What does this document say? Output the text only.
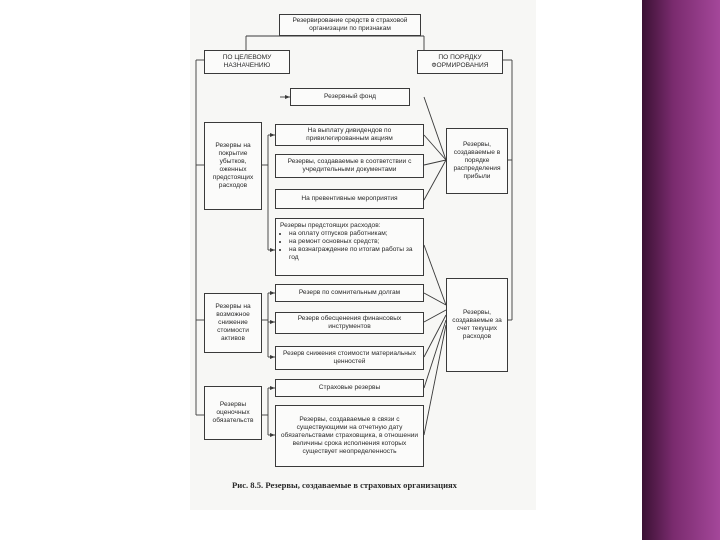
Резервирование средств в страховой организации по признакам
ПО ЦЕЛЕВОМУ НАЗНАЧЕНИЮ
ПО ПОРЯДКУ ФОРМИРОВАНИЯ
Резервы на покрытие убытков, оженных предстоящих расходов
Резервы на возможное снижение стоимости активов
Резервы оценочных обязательств
Резервы, создаваемые в порядке распределения прибыли
Резервы, создаваемые за счет текущих расходов
Резервный фонд
На выплату дивидендов по привилегированным акциям
Резервы, создаваемые в соответствии с учредительными документами
На превентивные мероприятия
Резервы предстоящих расходов:
• на оплату отпусков работникам;
• на ремонт основных средств;
• на вознаграждение по итогам работы за год
Резерв по сомнительным долгам
Резерв обесценения финансовых инструментов
Резерв снижения стоимости материальных ценностей
Страховые резервы
Резервы, создаваемые в связи с существующими на отчетную дату обязательствами страховщика, в отношении величины срока исполнения которых существует неопределенность
Рис. 8.5. Резервы, создаваемые в страховых организациях
